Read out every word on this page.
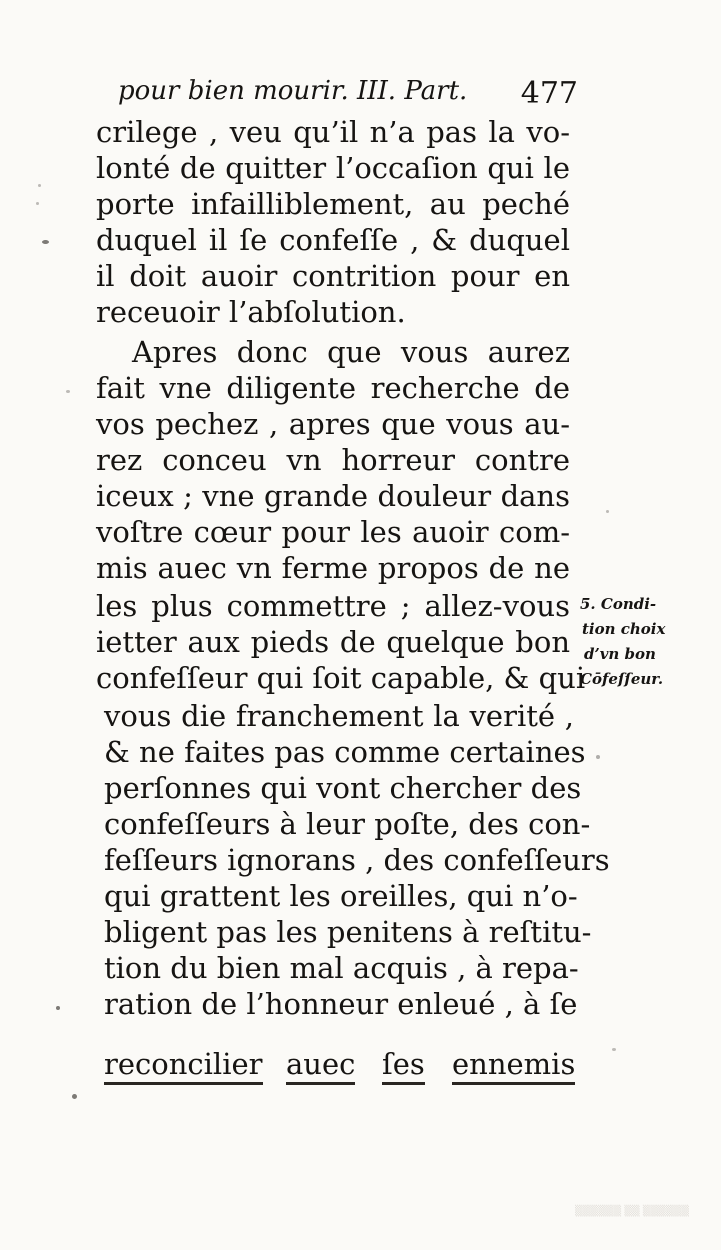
pour bien mourir. III. Part. 477
crilege , veu qu’il n’a pas la vo-
lonté de quitter l’occaſion qui le
porte infailliblement, au peché
duquel il ſe confeſſe , & duquel
il doit auoir contrition pour en
receuoir l’abſolution.
Apres donc que vous aurez
fait vne diligente recherche de
vos pechez , apres que vous au-
rez conceu vn horreur contre
iceux ; vne grande douleur dans
voſtre cœur pour les auoir com-
mis auec vn ferme propos de ne
les plus commettre ; allez-vous
ietter aux pieds de quelque bon
confeſſeur qui ſoit capable, & qui
vous die franchement la verité ,
& ne faites pas comme certaines
perſonnes qui vont chercher des
confeſſeurs à leur poſte, des con-
feſſeurs ignorans , des confeſſeurs
qui grattent les oreilles, qui n’o-
bligent pas les penitens à reſtitu-
tion du bien mal acquis , à repa-
ration de l’honneur enleué , à ſe
reconcilier auec ſes ennemis
5. Condi-
tion choix
d’vn bon
Cōfeſſeur.
▒▒▒▒▒▒ ▒▒ ▒▒▒▒▒▒
